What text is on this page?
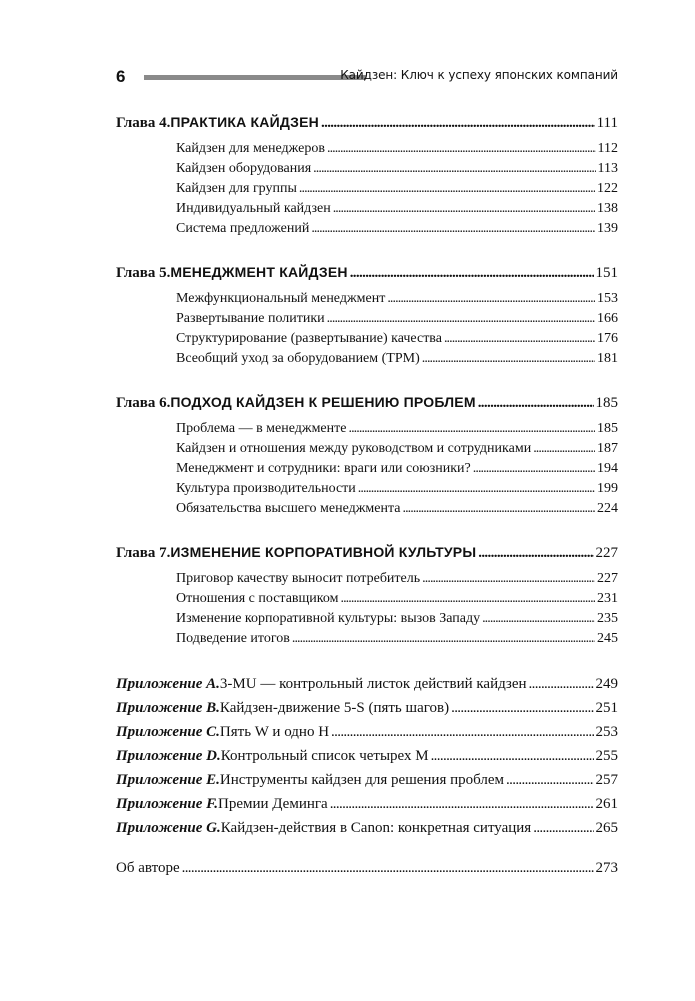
6	Кайдзен: Ключ к успеху японских компаний
Глава 4. ПРАКТИКА КАЙДЗЕН . . .	111
Кайдзен для менеджеров . . .	112
Кайдзен оборудования . . .	113
Кайдзен для группы . . .	122
Индивидуальный кайдзен . . .	138
Система предложений . . .	139
Глава 5. МЕНЕДЖМЕНТ КАЙДЗЕН . . .	151
Межфункциональный менеджмент . . .	153
Развертывание политики . . .	166
Структурирование (развертывание) качества . . .	176
Всеобщий уход за оборудованием (TPM) . . .	181
Глава 6. ПОДХОД КАЙДЗЕН К РЕШЕНИЮ ПРОБЛЕМ . . .	185
Проблема — в менеджменте . . .	185
Кайдзен и отношения между руководством и сотрудниками . . .	187
Менеджмент и сотрудники: враги или союзники? . . .	194
Культура производительности . . .	199
Обязательства высшего менеджмента . . .	224
Глава 7. ИЗМЕНЕНИЕ КОРПОРАТИВНОЙ КУЛЬТУРЫ . . .	227
Приговор качеству выносит потребитель . . .	227
Отношения с поставщиком . . .	231
Изменение корпоративной культуры: вызов Западу . . .	235
Подведение итогов . . .	245
Приложение A. 3-MU — контрольный листок действий кайдзен . . .	249
Приложение B. Кайдзен-движение 5-S (пять шагов) . . .	251
Приложение C. Пять W и одно H . . .	253
Приложение D. Контрольный список четырех M . . .	255
Приложение E. Инструменты кайдзен для решения проблем . . .	257
Приложение F. Премии Деминга . . .	261
Приложение G. Кайдзен-действия в Canon: конкретная ситуация . . .	265
Об авторе . . .	273
